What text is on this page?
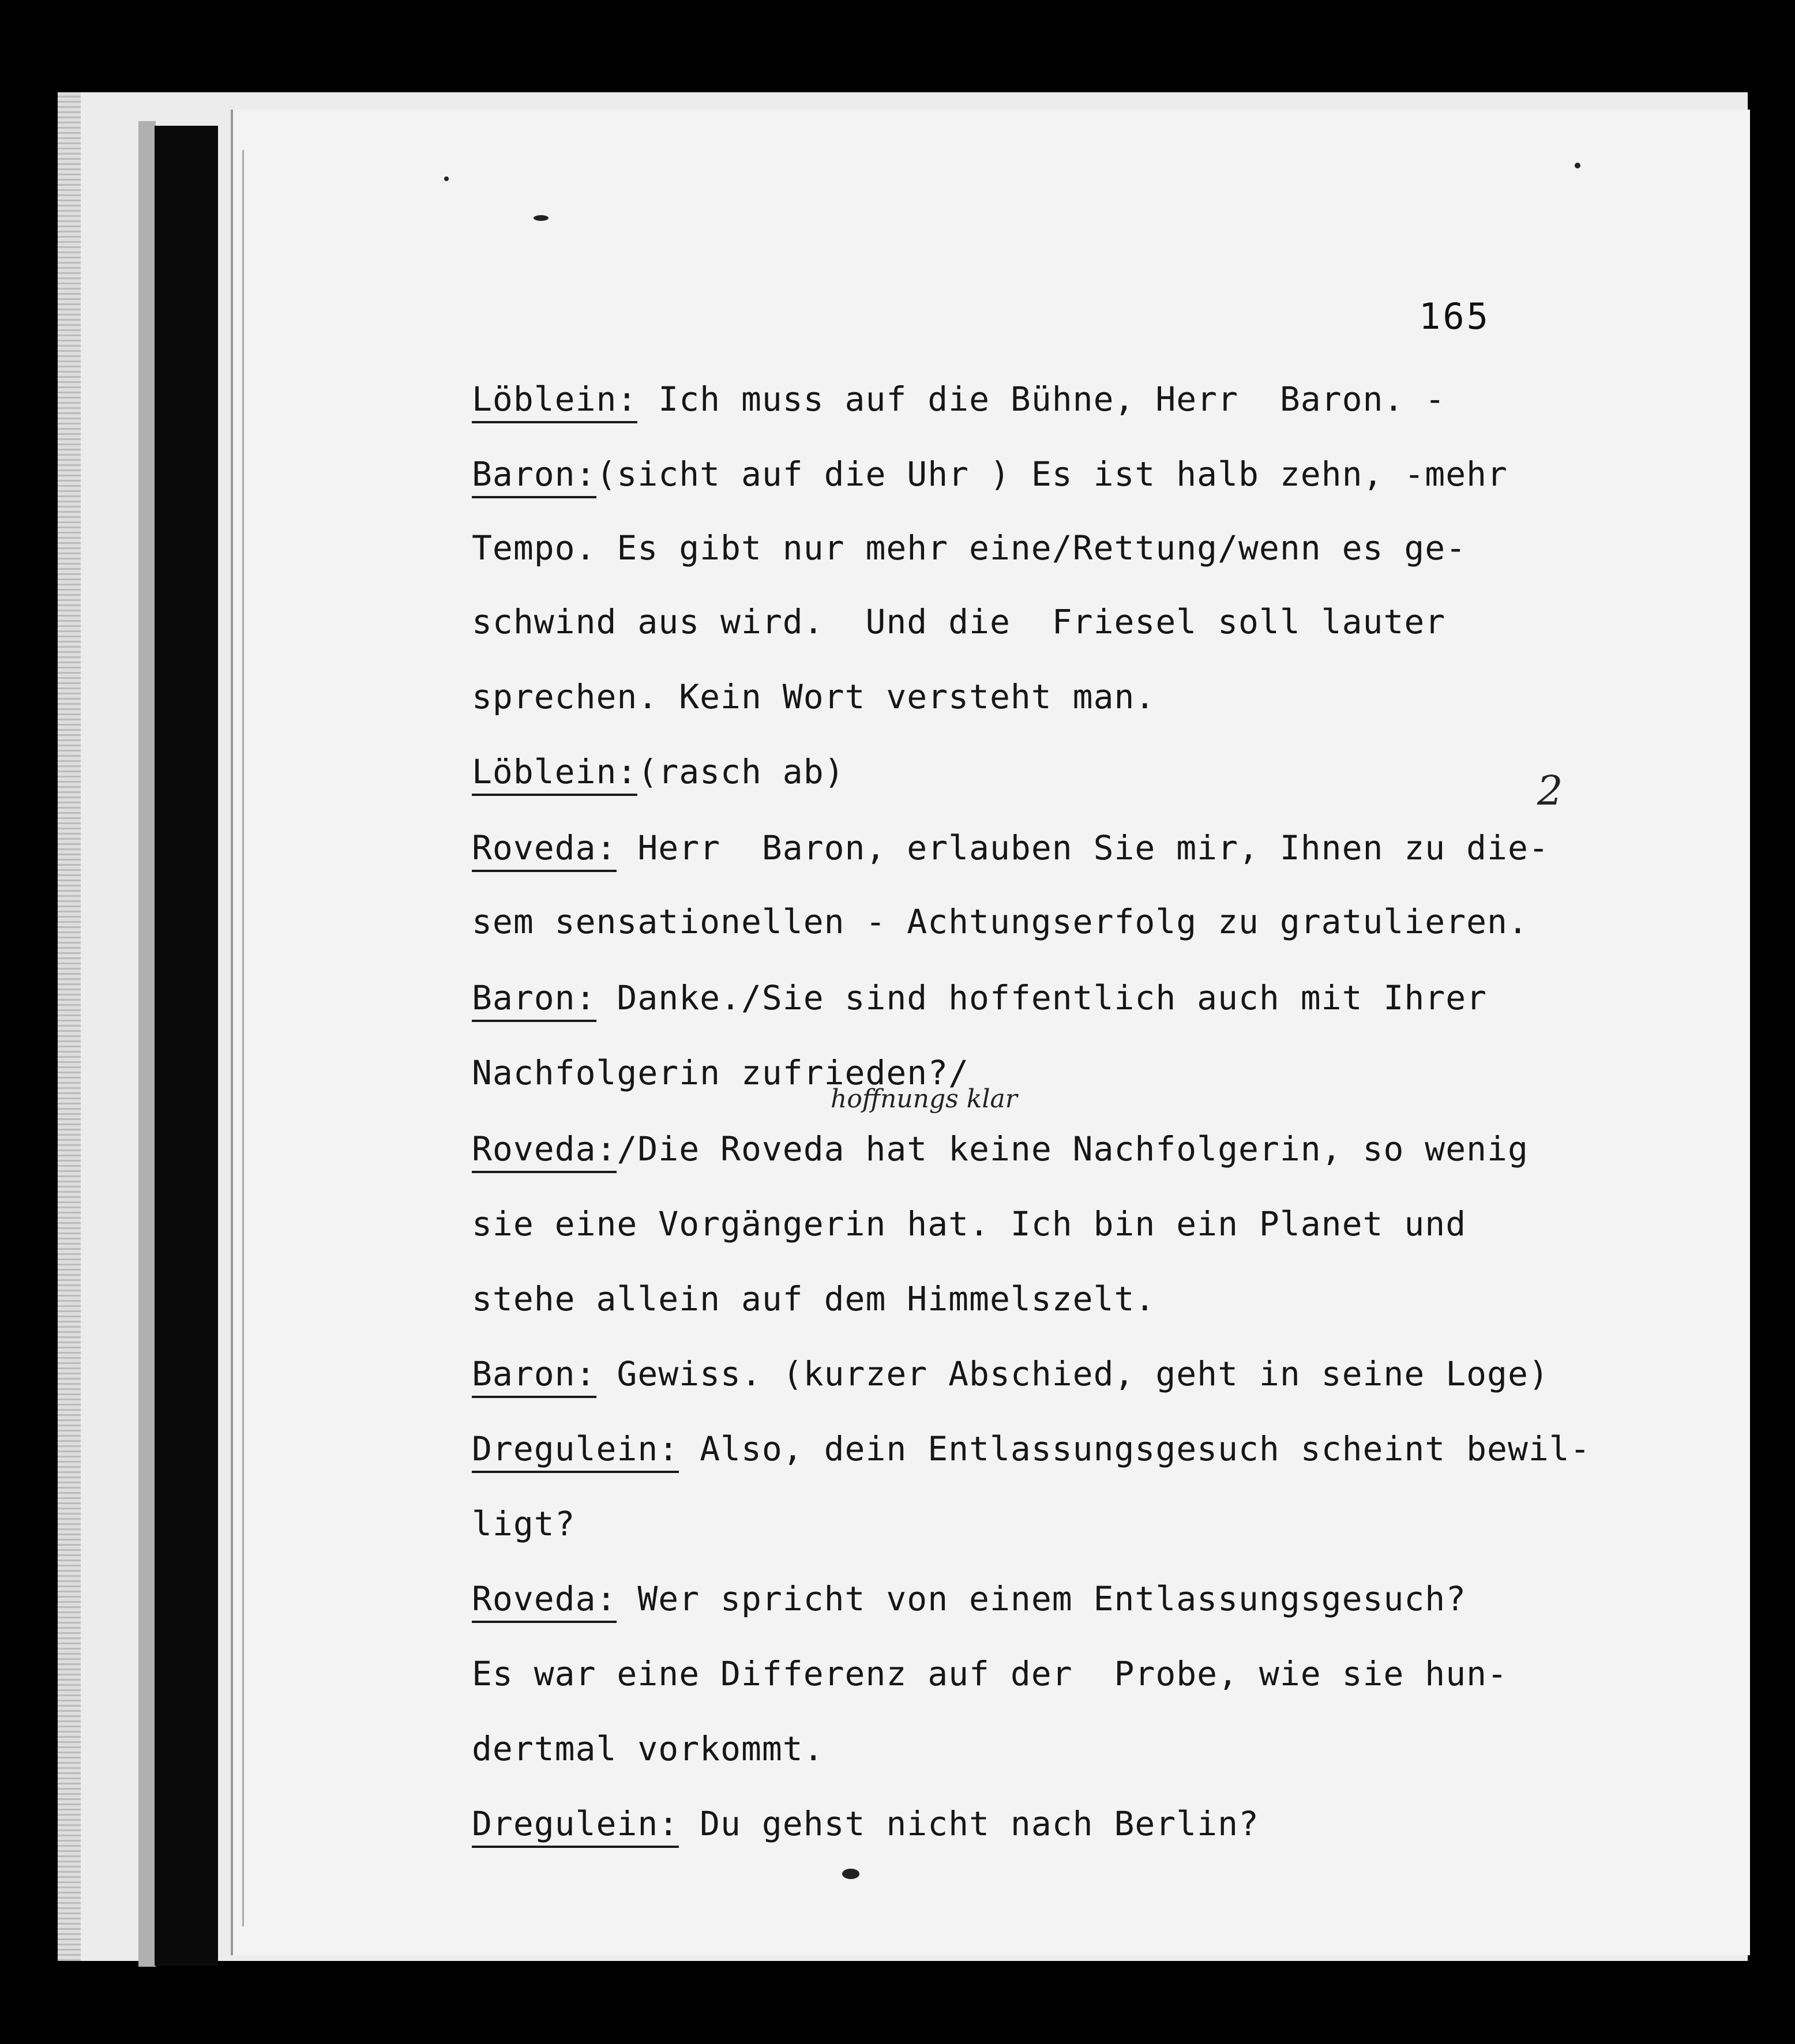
165
Löblein: Ich muss auf die Bühne, Herr  Baron. -
Baron:(sicht auf die Uhr ) Es ist halb zehn, -mehr
Tempo. Es gibt nur mehr eine/Rettung/wenn es ge-
schwind aus wird.  Und die  Friesel soll lauter
sprechen. Kein Wort versteht man.
Löblein:(rasch ab)
Roveda: Herr  Baron, erlauben Sie mir, Ihnen zu die-
sem sensationellen - Achtungserfolg zu gratulieren.
Baron: Danke./Sie sind hoffentlich auch mit Ihrer
Nachfolgerin zufrieden?/
Roveda:/Die Roveda hat keine Nachfolgerin, so wenig
sie eine Vorgängerin hat. Ich bin ein Planet und
stehe allein auf dem Himmelszelt.
Baron: Gewiss. (kurzer Abschied, geht in seine Loge)
Dregulein: Also, dein Entlassungsgesuch scheint bewil-
ligt?
Roveda: Wer spricht von einem Entlassungsgesuch?
Es war eine Differenz auf der  Probe, wie sie hun-
dertmal vorkommt.
Dregulein: Du gehst nicht nach Berlin?
2
hoffnungs klar
